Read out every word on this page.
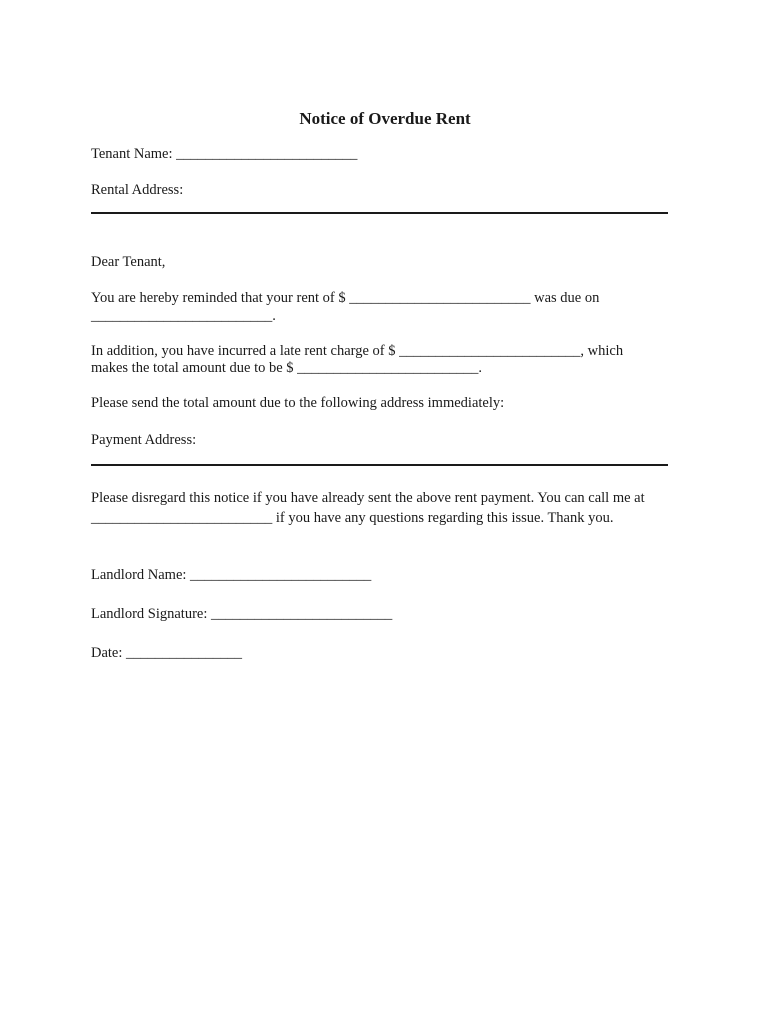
Notice of Overdue Rent
Tenant Name: _________________________
Rental Address:
Dear Tenant,
You are hereby reminded that your rent of $ _________________________ was due on
_________________________.
In addition, you have incurred a late rent charge of $ _________________________, which
makes the total amount due to be $ _________________________.
Please send the total amount due to the following address immediately:
Payment Address:
Please disregard this notice if you have already sent the above rent payment. You can call me at
_________________________ if you have any questions regarding this issue. Thank you.
Landlord Name: _________________________
Landlord Signature: _________________________
Date: ________________
